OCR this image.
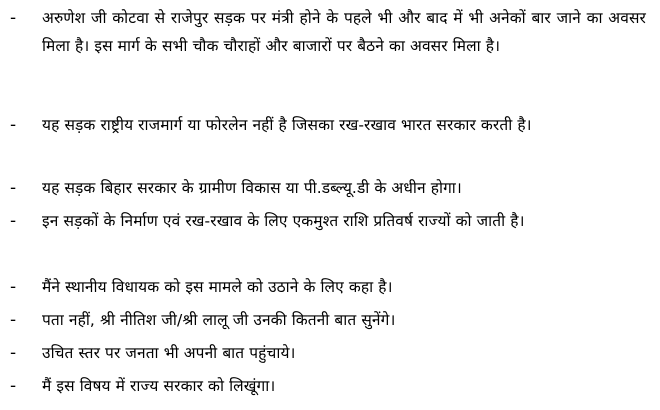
- अरुणेश जी कोटवा से राजेपुर सड़क पर मंत्री होने के पहले भी और बाद में भी अनेकों बार जाने का अवसर मिला है। इस मार्ग के सभी चौक चौराहों और बाजारों पर बैठने का अवसर मिला है।
- यह सड़क राष्ट्रीय राजमार्ग या फोरलेन नहीं है जिसका रख-रखाव भारत सरकार करती है।
- यह सड़क बिहार सरकार के ग्रामीण विकास या पी.डब्ल्यू.डी के अधीन होगा।
- इन सड़कों के निर्माण एवं रख-रखाव के लिए एकमुश्त राशि प्रतिवर्ष राज्यों को जाती है।
- मैंने स्थानीय विधायक को इस मामले को उठाने के लिए कहा है।
- पता नहीं, श्री नीतिश जी/श्री लालू जी उनकी कितनी बात सुनेंगे।
- उचित स्तर पर जनता भी अपनी बात पहुंचाये।
- मैं इस विषय में राज्य सरकार को लिखूंगा।
